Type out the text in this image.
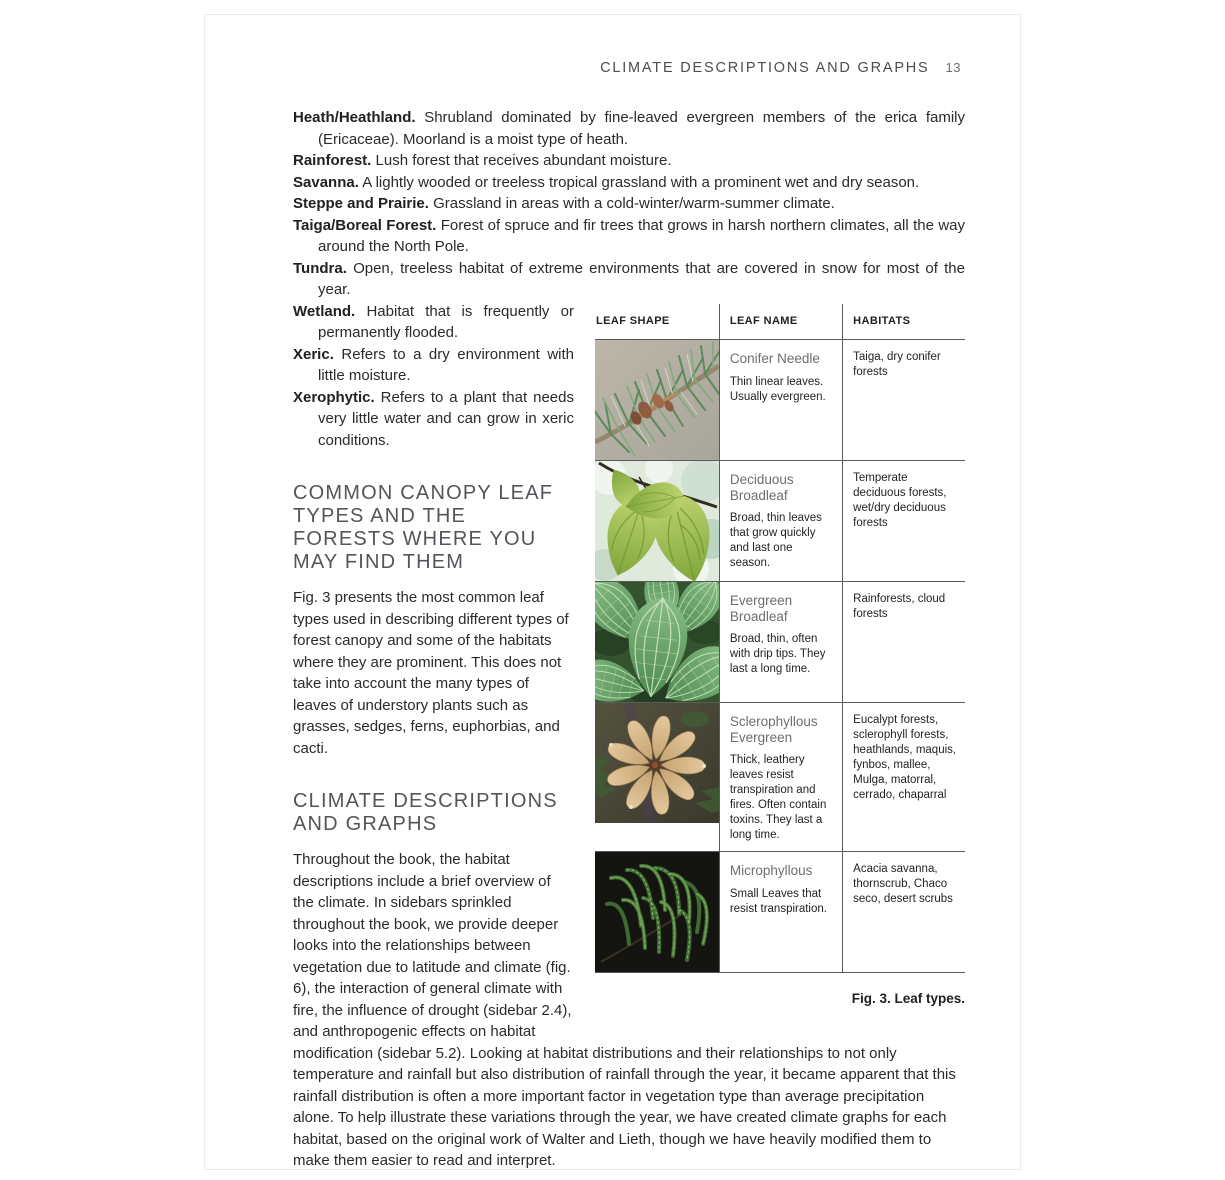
CLIMATE DESCRIPTIONS AND GRAPHS 13

Heath/Heathland. Shrubland dominated by fine-leaved evergreen members of the erica family (Ericaceae). Moorland is a moist type of heath.

Rainforest. Lush forest that receives abundant moisture.

Savanna. A lightly wooded or treeless tropical grassland with a prominent wet and dry season.

Steppe and Prairie. Grassland in areas with a cold-winter/warm-summer climate.

Taiga/Boreal Forest. Forest of spruce and fir trees that grows in harsh northern climates, all the way around the North Pole.

Tundra. Open, treeless habitat of extreme environments that are covered in snow for most of the year.

LEAF SHAPE	LEAF NAME	HABITATS

Conifer Needle

Thin linear leaves. Usually evergreen.	Taiga, dry conifer forests

Deciduous Broadleaf

Broad, thin leaves that grow quickly and last one season.	Temperate deciduous forests, wet/dry deciduous forests

Evergreen Broadleaf

Broad, thin, often with drip tips. They last a long time.	Rainforests, cloud forests

Sclerophyllous Evergreen

Thick, leathery leaves resist transpiration and fires. Often contain toxins. They last a long time.	Eucalypt forests, sclerophyll forests, heathlands, maquis, fynbos, mallee, Mulga, matorral, cerrado, chaparral

Microphyllous

Small Leaves that resist transpiration.	Acacia savanna, thornscrub, Chaco seco, desert scrubs
Fig. 3. Leaf types.

Wetland. Habitat that is frequently or permanently flooded.

Xeric. Refers to a dry environment with little moisture.

Xerophytic. Refers to a plant that needs very little water and can grow in xeric conditions.

COMMON CANOPY LEAF TYPES AND THE FORESTS WHERE YOU MAY FIND THEM

Fig. 3 presents the most common leaf types used in describing different types of forest canopy and some of the habitats where they are prominent. This does not take into account the many types of leaves of understory plants such as grasses, sedges, ferns, euphorbias, and cacti.

CLIMATE DESCRIPTIONS AND GRAPHS

Throughout the book, the habitat descriptions include a brief overview of the climate. In sidebars sprinkled throughout the book, we provide deeper looks into the relationships between vegetation due to latitude and climate (fig. 6), the interaction of general climate with fire, the influence of drought (sidebar 2.4), and anthropogenic effects on habitat modification (sidebar 5.2). Looking at habitat distributions and their relationships to not only temperature and rainfall but also distribution of rainfall through the year, it became apparent that this rainfall distribution is often a more important factor in vegetation type than average precipitation alone. To help illustrate these variations through the year, we have created climate graphs for each habitat, based on the original work of Walter and Lieth, though we have heavily modified them to make them easier to read and interpret.
